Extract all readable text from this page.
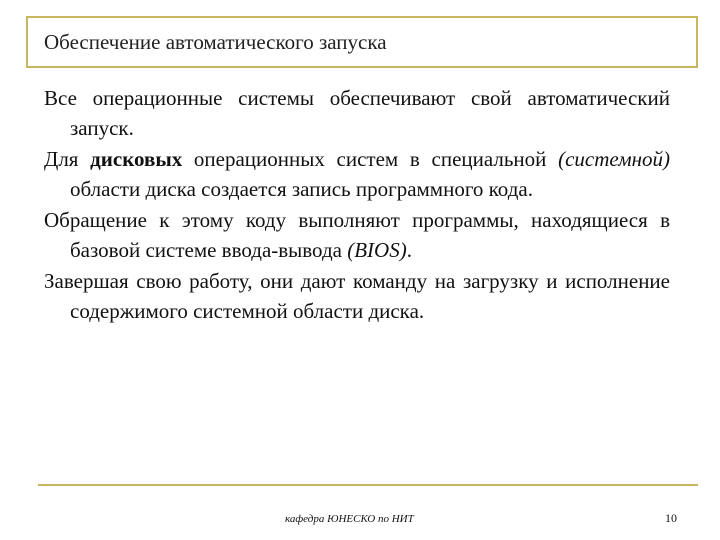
Обеспечение автоматического запуска

Все операционные системы обеспечивают свой автоматический запуск.

Для дисковых операционных систем в специальной (системной) области диска создается запись программного кода.

Обращение к этому коду выполняют программы, находящиеся в базовой системе ввода-вывода (BIOS).

Завершая свою работу, они дают команду на загрузку и исполнение содержимого системной области диска.

кафедра ЮНЕСКО по НИТ	10
